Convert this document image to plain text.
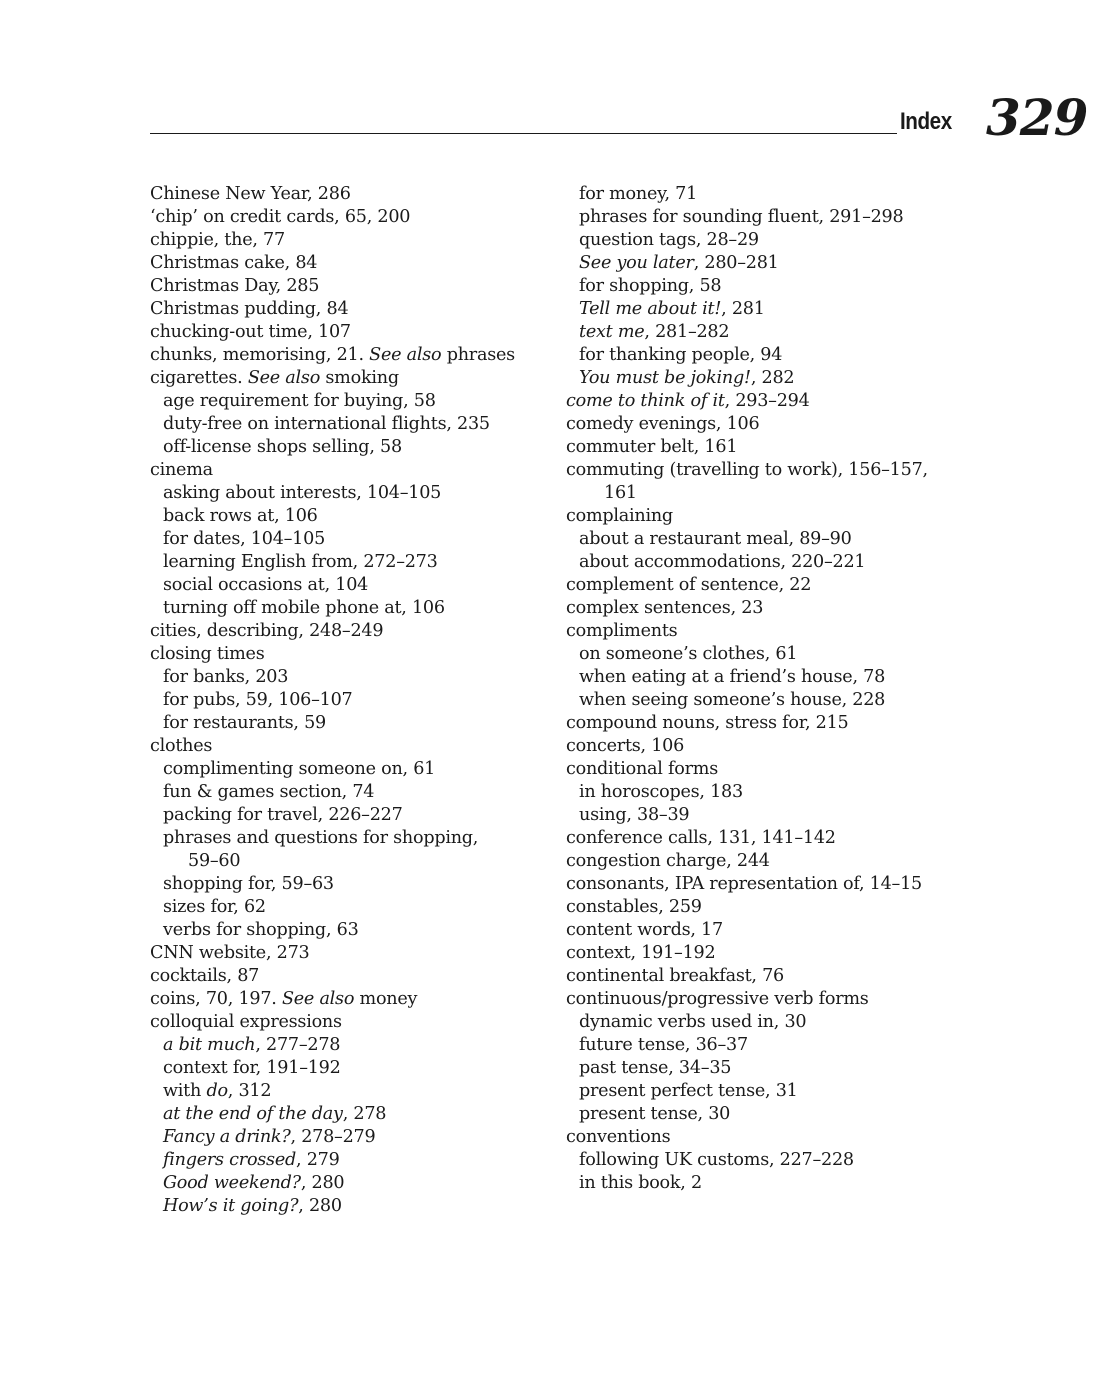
Index 329
Chinese New Year, 286
‘chip’ on credit cards, 65, 200
chippie, the, 77
Christmas cake, 84
Christmas Day, 285
Christmas pudding, 84
chucking-out time, 107
chunks, memorising, 21. See also phrases
cigarettes. See also smoking
age requirement for buying, 58
duty-free on international flights, 235
off-license shops selling, 58
cinema
asking about interests, 104–105
back rows at, 106
for dates, 104–105
learning English from, 272–273
social occasions at, 104
turning off mobile phone at, 106
cities, describing, 248–249
closing times
for banks, 203
for pubs, 59, 106–107
for restaurants, 59
clothes
complimenting someone on, 61
fun & games section, 74
packing for travel, 226–227
phrases and questions for shopping,
59–60
shopping for, 59–63
sizes for, 62
verbs for shopping, 63
CNN website, 273
cocktails, 87
coins, 70, 197. See also money
colloquial expressions
a bit much, 277–278
context for, 191–192
with do, 312
at the end of the day, 278
Fancy a drink?, 278–279
fingers crossed, 279
Good weekend?, 280
How’s it going?, 280
for money, 71
phrases for sounding fluent, 291–298
question tags, 28–29
See you later, 280–281
for shopping, 58
Tell me about it!, 281
text me, 281–282
for thanking people, 94
You must be joking!, 282
come to think of it, 293–294
comedy evenings, 106
commuter belt, 161
commuting (travelling to work), 156–157,
161
complaining
about a restaurant meal, 89–90
about accommodations, 220–221
complement of sentence, 22
complex sentences, 23
compliments
on someone’s clothes, 61
when eating at a friend’s house, 78
when seeing someone’s house, 228
compound nouns, stress for, 215
concerts, 106
conditional forms
in horoscopes, 183
using, 38–39
conference calls, 131, 141–142
congestion charge, 244
consonants, IPA representation of, 14–15
constables, 259
content words, 17
context, 191–192
continental breakfast, 76
continuous/progressive verb forms
dynamic verbs used in, 30
future tense, 36–37
past tense, 34–35
present perfect tense, 31
present tense, 30
conventions
following UK customs, 227–228
in this book, 2
